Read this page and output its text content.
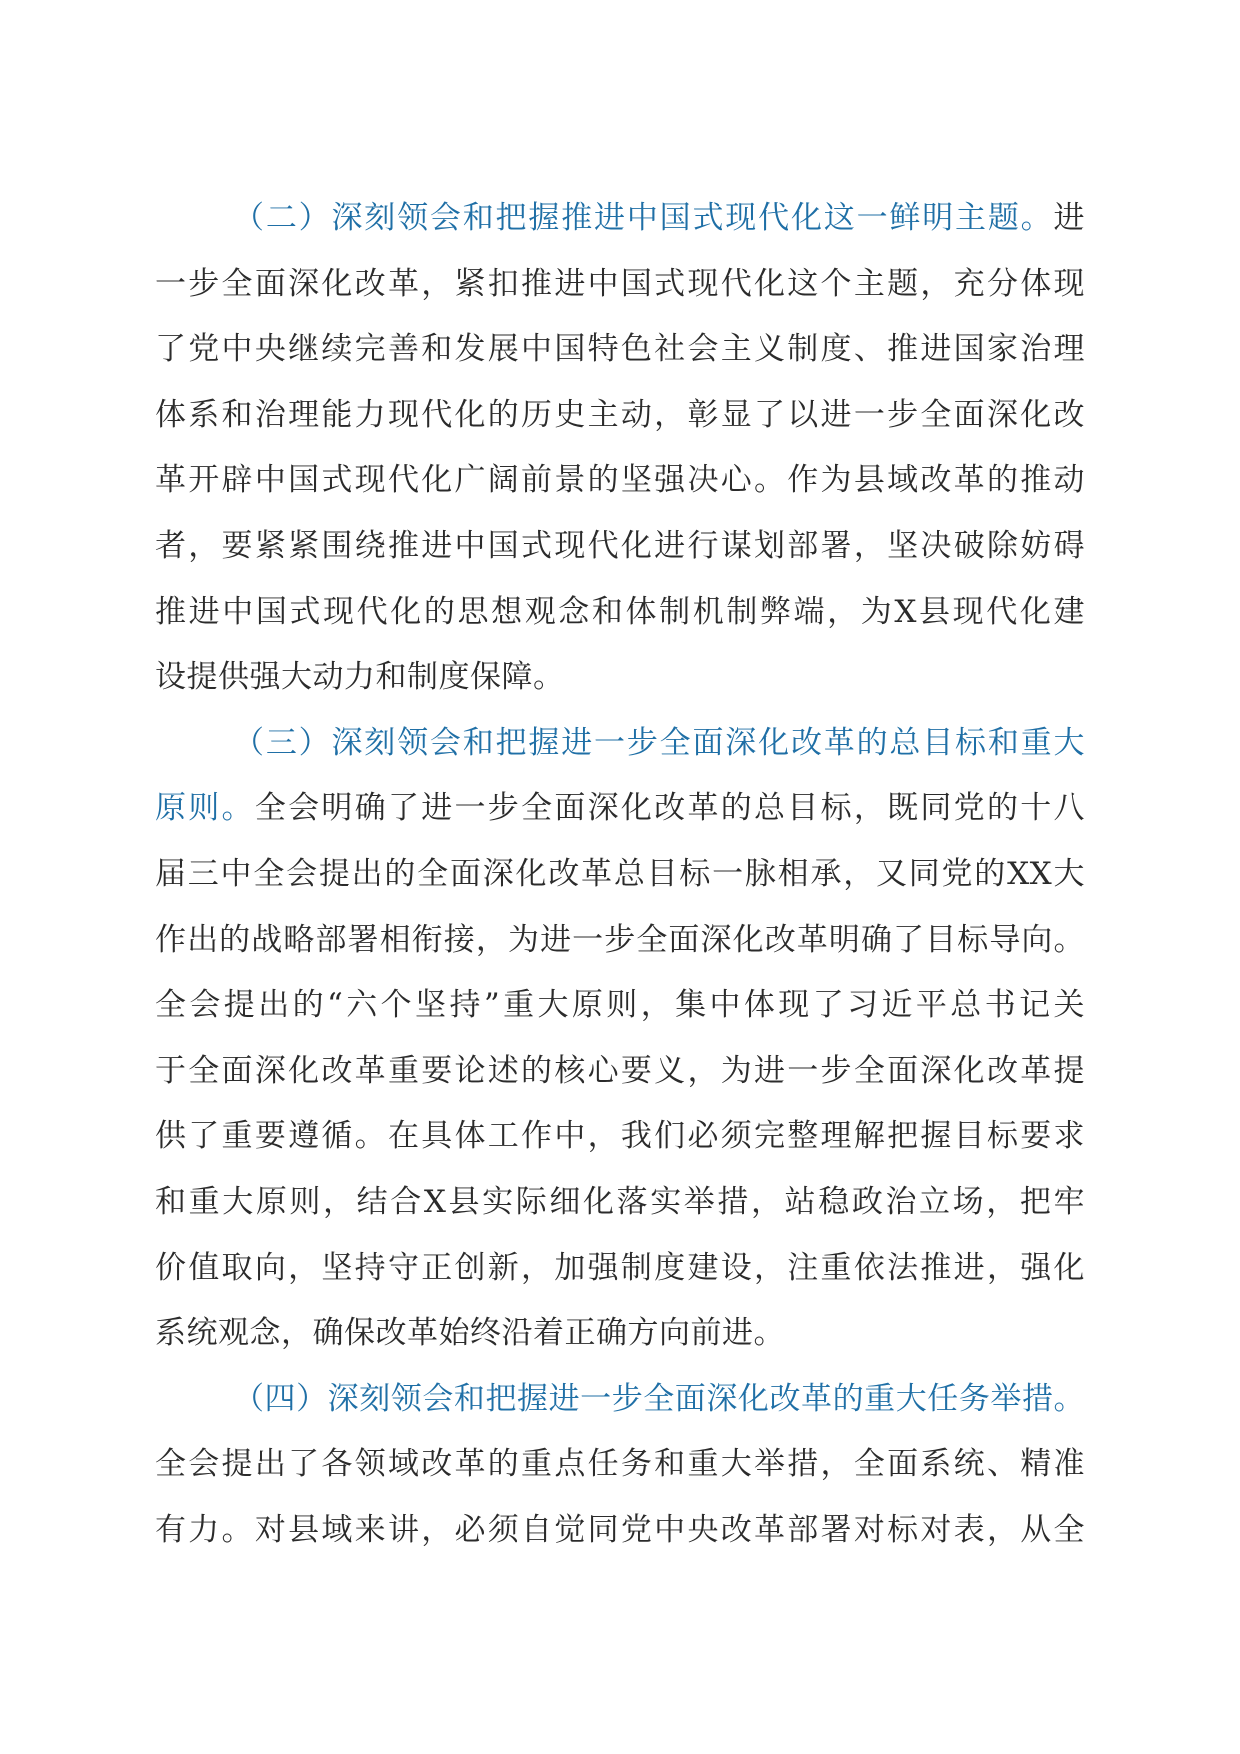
（二）深刻领会和把握推进中国式现代化这一鲜明主题。进
一步全面深化改革，紧扣推进中国式现代化这个主题，充分体现
了党中央继续完善和发展中国特色社会主义制度、推进国家治理
体系和治理能力现代化的历史主动，彰显了以进一步全面深化改
革开辟中国式现代化广阔前景的坚强决心。作为县域改革的推动
者，要紧紧围绕推进中国式现代化进行谋划部署，坚决破除妨碍
推进中国式现代化的思想观念和体制机制弊端，为X县现代化建
设提供强大动力和制度保障。
（三）深刻领会和把握进一步全面深化改革的总目标和重大
原则。全会明确了进一步全面深化改革的总目标，既同党的十八
届三中全会提出的全面深化改革总目标一脉相承，又同党的XX大
作出的战略部署相衔接，为进一步全面深化改革明确了目标导向。
全会提出的“六个坚持”重大原则，集中体现了习近平总书记关
于全面深化改革重要论述的核心要义，为进一步全面深化改革提
供了重要遵循。在具体工作中，我们必须完整理解把握目标要求
和重大原则，结合X县实际细化落实举措，站稳政治立场，把牢
价值取向，坚持守正创新，加强制度建设，注重依法推进，强化
系统观念，确保改革始终沿着正确方向前进。
（四）深刻领会和把握进一步全面深化改革的重大任务举措。
全会提出了各领域改革的重点任务和重大举措，全面系统、精准
有力。对县域来讲，必须自觉同党中央改革部署对标对表，从全
